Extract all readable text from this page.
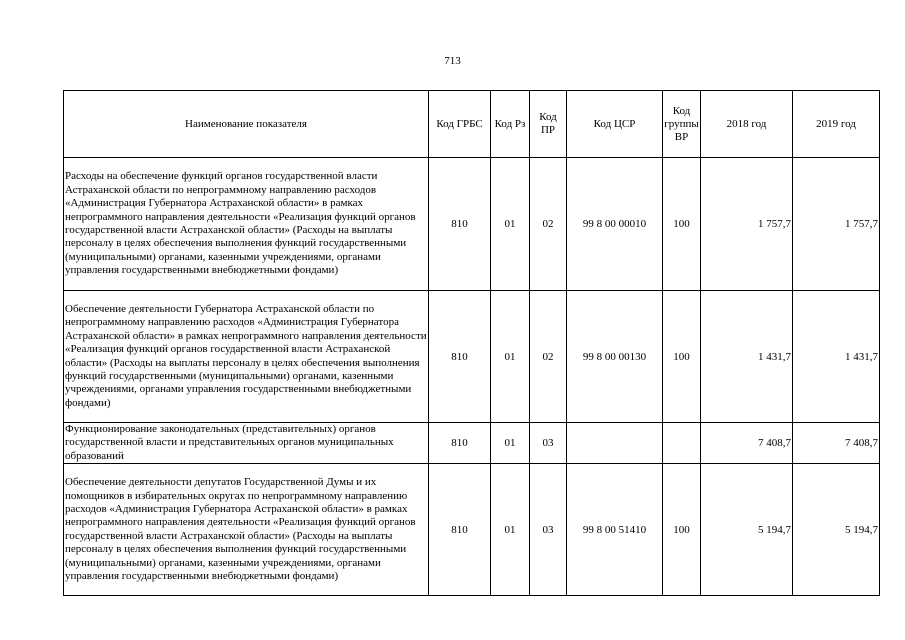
713
Наименование показателя	Код ГРБС	Код Рз	Код ПР	Код ЦСР	Код группы ВР	2018 год	2019 год
Расходы на обеспечение функций органов государственной власти Астраханской области по непрограммному направлению расходов «Администрация Губернатора Астраханской области» в рамках непрограммного направления деятельности «Реализация функций органов государственной власти Астраханской области» (Расходы на выплаты персоналу в целях обеспечения выполнения функций государственными (муниципальными) органами, казенными учреждениями, органами управления государственными внебюджетными фондами)	810	01	02	99 8 00 00010	100	1 757,7	1 757,7
Обеспечение деятельности Губернатора Астраханской области по непрограммному направлению расходов «Администрация Губернатора Астраханской области» в рамках непрограммного направления деятельности «Реализация функций органов государственной власти Астраханской области» (Расходы на выплаты персоналу в целях обеспечения выполнения функций государственными (муниципальными) органами, казенными учреждениями, органами управления государственными внебюджетными фондами)	810	01	02	99 8 00 00130	100	1 431,7	1 431,7
Функционирование законодательных (представительных) органов государственной власти и представительных органов муниципальных образований	810	01	03			7 408,7	7 408,7
Обеспечение деятельности депутатов Государственной Думы и их помощников в избирательных округах по непрограммному направлению расходов «Администрация Губернатора Астраханской области» в рамках непрограммного направления деятельности «Реализация функций органов государственной власти Астраханской области» (Расходы на выплаты персоналу в целях обеспечения выполнения функций государственными (муниципальными) органами, казенными учреждениями, органами управления государственными внебюджетными фондами)	810	01	03	99 8 00 51410	100	5 194,7	5 194,7
